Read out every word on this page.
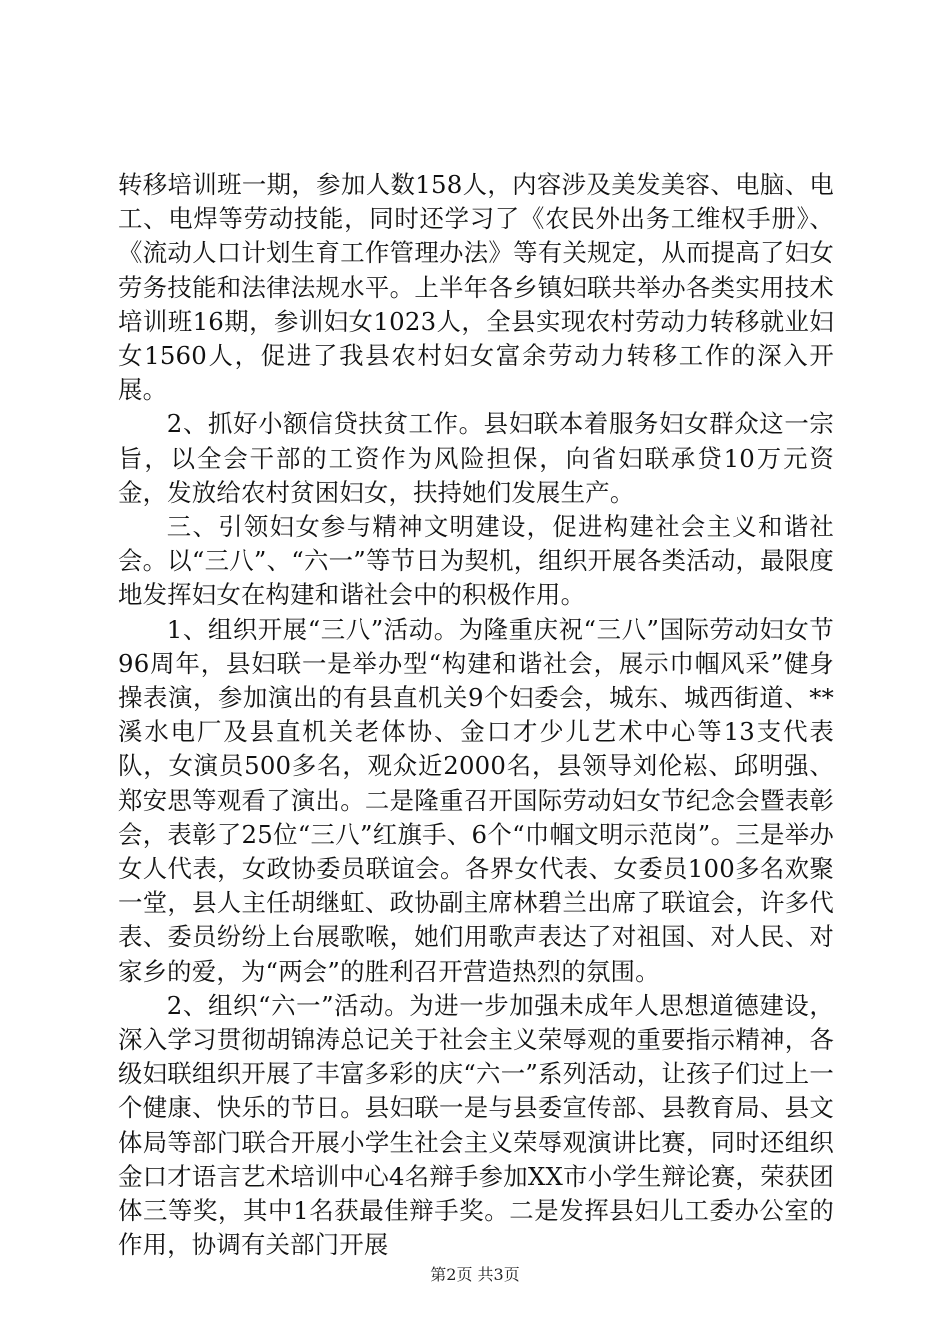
转移培训班一期，参加人数158人，内容涉及美发美容、电脑、电工、电焊等劳动技能，同时还学习了《农民外出务工维权手册》、《流动人口计划生育工作管理办法》等有关规定，从而提高了妇女劳务技能和法律法规水平。上半年各乡镇妇联共举办各类实用技术培训班16期，参训妇女1023人，全县实现农村劳动力转移就业妇女1560人，促进了我县农村妇女富余劳动力转移工作的深入开展。

2、抓好小额信贷扶贫工作。县妇联本着服务妇女群众这一宗旨，以全会干部的工资作为风险担保，向省妇联承贷10万元资金，发放给农村贫困妇女，扶持她们发展生产。

三、引领妇女参与精神文明建设，促进构建社会主义和谐社会。以“三八”、“六一”等节日为契机，组织开展各类活动，最限度地发挥妇女在构建和谐社会中的积极作用。

1、组织开展“三八”活动。为隆重庆祝“三八”国际劳动妇女节96周年，县妇联一是举办型“构建和谐社会，展示巾帼风采”健身操表演，参加演出的有县直机关9个妇委会，城东、城西街道、**溪水电厂及县直机关老体协、金口才少儿艺术中心等13支代表队，女演员500多名，观众近2000名，县领导刘伦崧、邱明强、郑安思等观看了演出。二是隆重召开国际劳动妇女节纪念会暨表彰会，表彰了25位“三八”红旗手、6个“巾帼文明示范岗”。三是举办女人代表，女政协委员联谊会。各界女代表、女委员100多名欢聚一堂，县人主任胡继虹、政协副主席林碧兰出席了联谊会，许多代表、委员纷纷上台展歌喉，她们用歌声表达了对祖国、对人民、对家乡的爱，为“两会”的胜利召开营造热烈的氛围。

2、组织“六一”活动。为进一步加强未成年人思想道德建设，深入学习贯彻胡锦涛总记关于社会主义荣辱观的重要指示精神，各级妇联组织开展了丰富多彩的庆“六一”系列活动，让孩子们过上一个健康、快乐的节日。县妇联一是与县委宣传部、县教育局、县文体局等部门联合开展小学生社会主义荣辱观演讲比赛，同时还组织金口才语言艺术培训中心4名辩手参加XX市小学生辩论赛，荣获团体三等奖，其中1名获最佳辩手奖。二是发挥县妇儿工委办公室的作用，协调有关部门开展

第2页 共3页
